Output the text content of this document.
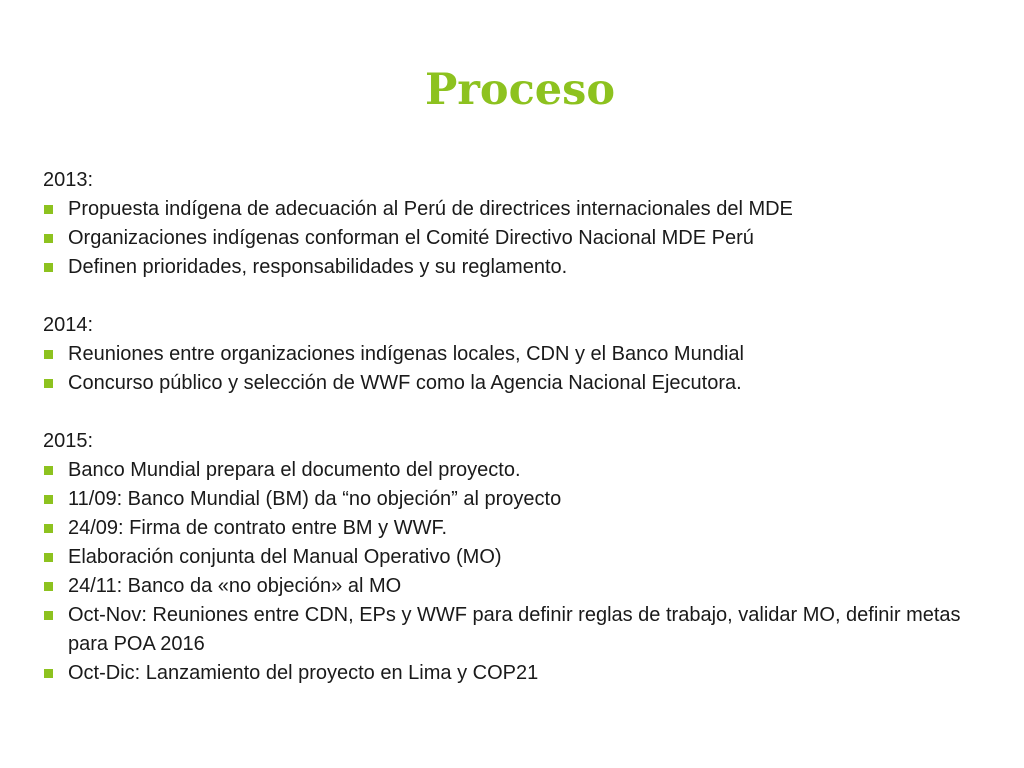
Proceso
2013:
Propuesta indígena de adecuación al Perú de directrices internacionales del MDE
Organizaciones indígenas conforman el Comité Directivo Nacional MDE Perú
Definen prioridades, responsabilidades y su reglamento.
2014:
Reuniones entre organizaciones indígenas locales, CDN y el Banco Mundial
Concurso público y selección de WWF como la Agencia Nacional Ejecutora.
2015:
Banco Mundial prepara el documento del proyecto.
11/09: Banco Mundial (BM) da “no objeción” al proyecto
24/09: Firma de contrato entre BM y WWF.
Elaboración conjunta del Manual Operativo (MO)
24/11: Banco da «no objeción» al MO
Oct-Nov: Reuniones entre CDN, EPs y WWF para definir reglas de trabajo, validar MO, definir metas para POA 2016
Oct-Dic: Lanzamiento del proyecto en Lima y COP21
